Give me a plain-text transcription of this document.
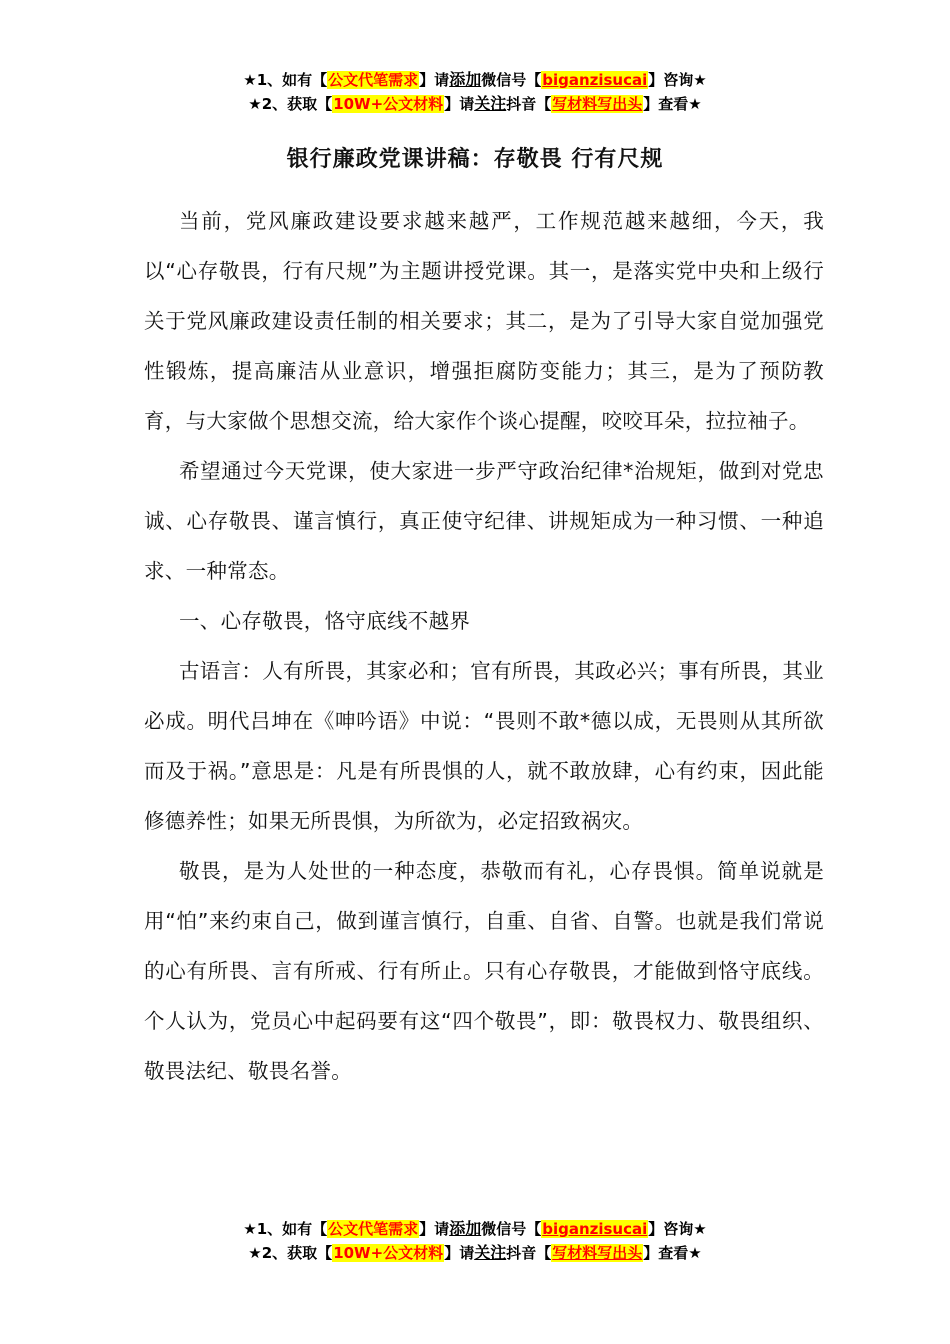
★1、如有【公文代笔需求】请添加微信号【biganzisucai】咨询★
★2、获取【10W+公文材料】请关注抖音【写材料写出头】查看★
银行廉政党课讲稿：存敬畏 行有尺规

当前，党风廉政建设要求越来越严，工作规范越来越细，今天，我以“心存敬畏，行有尺规”为主题讲授党课。其一，是落实党中央和上级行关于党风廉政建设责任制的相关要求；其二，是为了引导大家自觉加强党性锻炼，提高廉洁从业意识，增强拒腐防变能力；其三，是为了预防教育，与大家做个思想交流，给大家作个谈心提醒，咬咬耳朵，拉拉袖子。

希望通过今天党课，使大家进一步严守政治纪律*治规矩，做到对党忠诚、心存敬畏、谨言慎行，真正使守纪律、讲规矩成为一种习惯、一种追求、一种常态。

一、心存敬畏，恪守底线不越界

古语言：人有所畏，其家必和；官有所畏，其政必兴；事有所畏，其业必成。明代吕坤在《呻吟语》中说：“畏则不敢*德以成，无畏则从其所欲而及于祸。”意思是：凡是有所畏惧的人，就不敢放肆，心有约束，因此能修德养性；如果无所畏惧，为所欲为，必定招致祸灾。

敬畏，是为人处世的一种态度，恭敬而有礼，心存畏惧。简单说就是用“怕”来约束自己，做到谨言慎行，自重、自省、自警。也就是我们常说的心有所畏、言有所戒、行有所止。只有心存敬畏，才能做到恪守底线。个人认为，党员心中起码要有这“四个敬畏”，即：敬畏权力、敬畏组织、敬畏法纪、敬畏名誉。

★1、如有【公文代笔需求】请添加微信号【biganzisucai】咨询★
★2、获取【10W+公文材料】请关注抖音【写材料写出头】查看★
